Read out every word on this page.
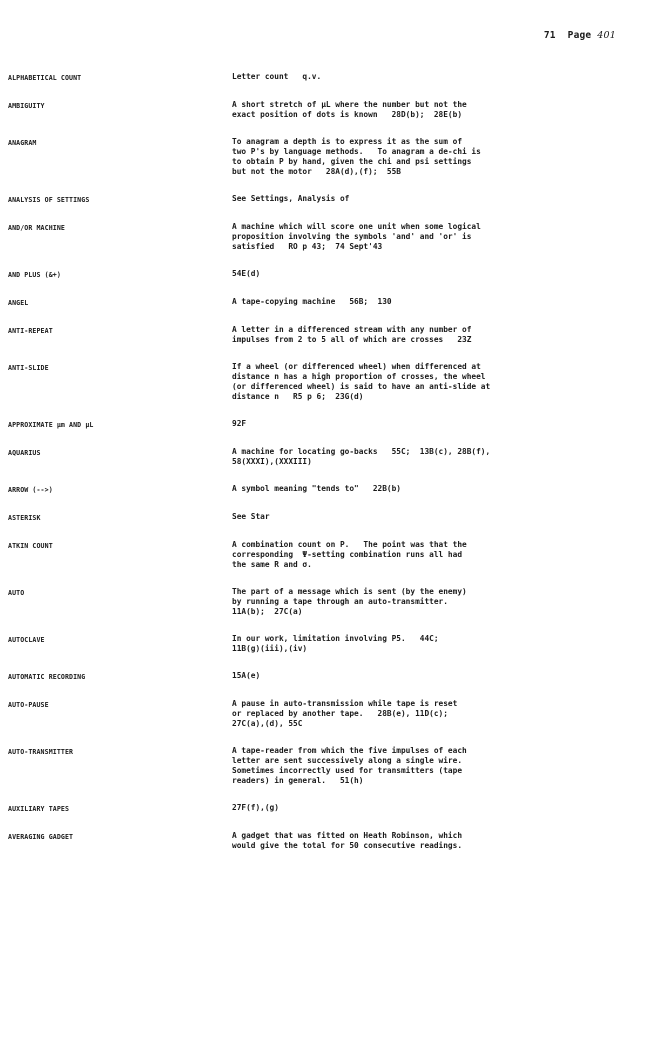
71 Page 401
ALPHABETICAL COUNT	Letter count   q.v.
AMBIGUITY	A short stretch of μL where the number but not the
exact position of dots is known   28D(b);  28E(b)
ANAGRAM	To anagram a depth is to express it as the sum of
two P's by language methods.   To anagram a de-chi is
to obtain P by hand, given the chi and psi settings
but not the motor   28A(d),(f);  55B
ANALYSIS OF SETTINGS	See Settings, Analysis of
AND/OR MACHINE	A machine which will score one unit when some logical
proposition involving the symbols 'and' and 'or' is
satisfied   RO p 43;  74 Sept'43
AND PLUS (&+)	54E(d)
ANGEL	A tape-copying machine   56B;  130
ANTI-REPEAT	A letter in a differenced stream with any number of
impulses from 2 to 5 all of which are crosses   23Z
ANTI-SLIDE	If a wheel (or differenced wheel) when differenced at
distance n has a high proportion of crosses, the wheel
(or differenced wheel) is said to have an anti-slide at
distance n   R5 p 6;  23G(d)
APPROXIMATE μm AND μL	92F
AQUARIUS	A machine for locating go-backs   55C;  13B(c), 28B(f),
58(XXXI),(XXXIII)
ARROW (-->)	A symbol meaning "tends to"   22B(b)
ASTERISK	See Star
ATKIN COUNT	A combination count on P.   The point was that the
corresponding  Ψ-setting combination runs all had
the same R and σ.
AUTO	The part of a message which is sent (by the enemy)
by running a tape through an auto-transmitter.
11A(b);  27C(a)
AUTOCLAVE	In our work, limitation involving P5.   44C;
11B(g)(iii),(iv)
AUTOMATIC RECORDING	15A(e)
AUTO-PAUSE	A pause in auto-transmission while tape is reset
or replaced by another tape.   28B(e), 11D(c);
27C(a),(d), 55C
AUTO-TRANSMITTER	A tape-reader from which the five impulses of each
letter are sent successively along a single wire.
Sometimes incorrectly used for transmitters (tape
readers) in general.   51(h)
AUXILIARY TAPES	27F(f),(g)
AVERAGING GADGET	A gadget that was fitted on Heath Robinson, which
would give the total for 50 consecutive readings.
